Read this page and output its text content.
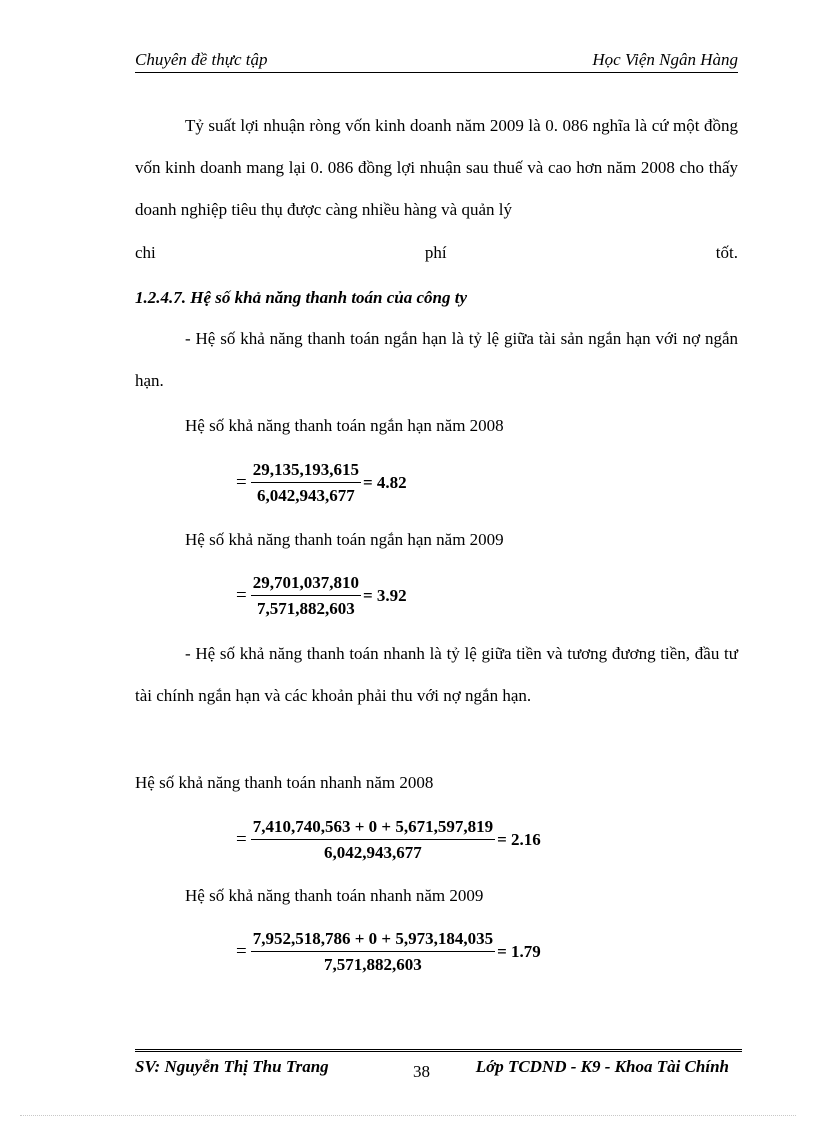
Chuyên đề thực tập	Học Viện Ngân Hàng

Tỷ suất lợi nhuận ròng vốn kinh doanh năm 2009 là 0. 086 nghĩa là cứ một đồng vốn kinh doanh mang lại 0. 086 đồng lợi nhuận sau thuế và cao hơn năm 2008 cho thấy doanh nghiệp tiêu thụ được càng nhiều hàng và quản lý

chi	phí	tốt.
1.2.4.7. Hệ số khả năng thanh toán của công ty

- Hệ số khả năng thanh toán ngắn hạn là tỷ lệ giữa tài sản ngắn hạn với nợ ngắn hạn.

Hệ số khả năng thanh toán ngắn hạn năm 2008
= $\frac{29,135,193,615}{6,042,943,677} = 4.82$
Hệ số khả năng thanh toán ngắn hạn năm 2009
= $\frac{29,701,037,810}{7,571,882,603} = 3.92$

- Hệ số khả năng thanh toán nhanh là tỷ lệ giữa tiền và tương đương tiền, đầu tư tài chính ngắn hạn và các khoản phải thu với nợ ngắn hạn.

Hệ số khả năng thanh toán nhanh năm 2008
= $\frac{7,410,740,563 + 0 + 5,671,597,819}{6,042,943,677} = 2.16$
Hệ số khả năng thanh toán nhanh năm 2009
= $\frac{7,952,518,786 + 0 + 5,973,184,035}{7,571,882,603} = 1.79$
SV: Nguyễn Thị Thu Trang	38	Lớp TCDND - K9 - Khoa Tài Chính
